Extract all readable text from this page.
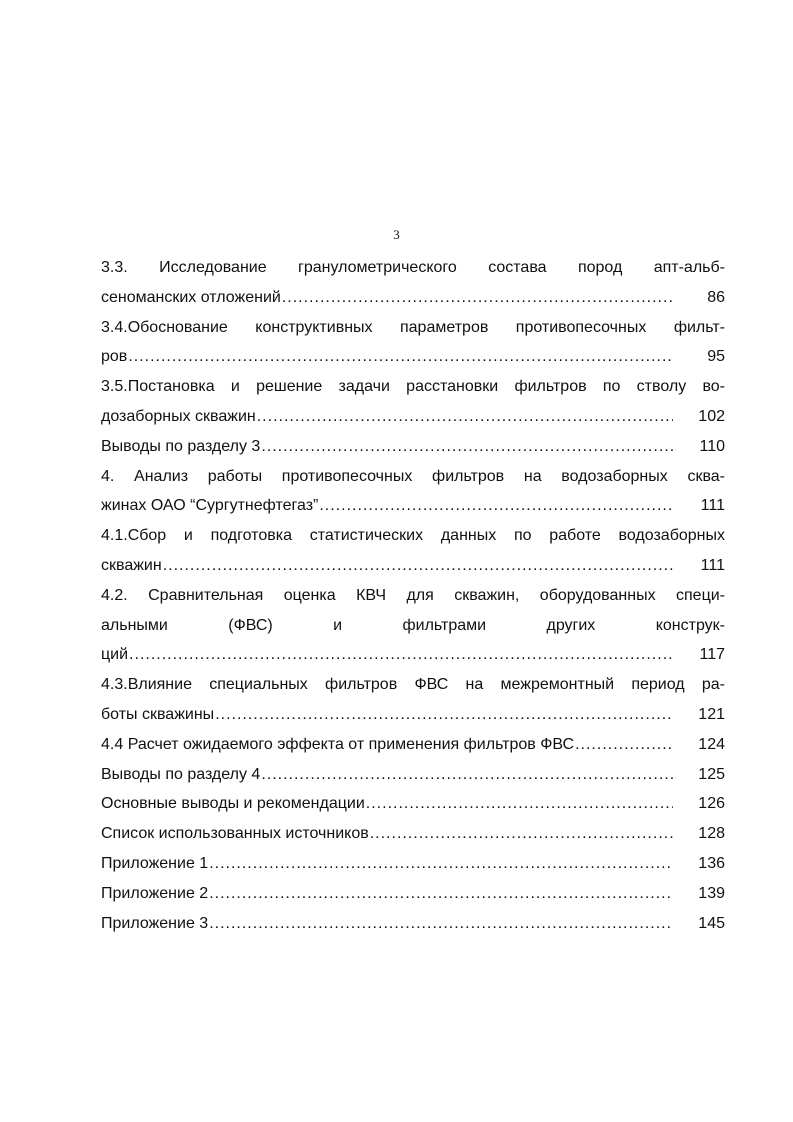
3
3.3. Исследование гранулометрического состава пород апт-альб-
сеноманских отложений .....	86
3.4.Обоснование конструктивных параметров противопесочных фильт-
ров .....	95
3.5.Постановка и решение задачи расстановки фильтров по стволу во-
дозаборных скважин .....	102
Выводы по разделу 3 .....	110
4. Анализ работы противопесочных фильтров на водозаборных сква-
жинах ОАО “Сургутнефтегаз” .....	111
4.1.Сбор и подготовка статистических данных по работе водозаборных
скважин .....	111
4.2. Сравнительная оценка КВЧ для скважин, оборудованных специ-
альными (ФВС) и фильтрами других конструк-
ций .....	117
4.3.Влияние специальных фильтров ФВС на межремонтный период ра-
боты скважины .....	121
4.4 Расчет ожидаемого эффекта от применения фильтров ФВС .....	124
Выводы по разделу 4 .....	125
Основные выводы и рекомендации .....	126
Список использованных источников .....	128
Приложение 1 .....	136
Приложение 2 .....	139
Приложение 3 .....	145
